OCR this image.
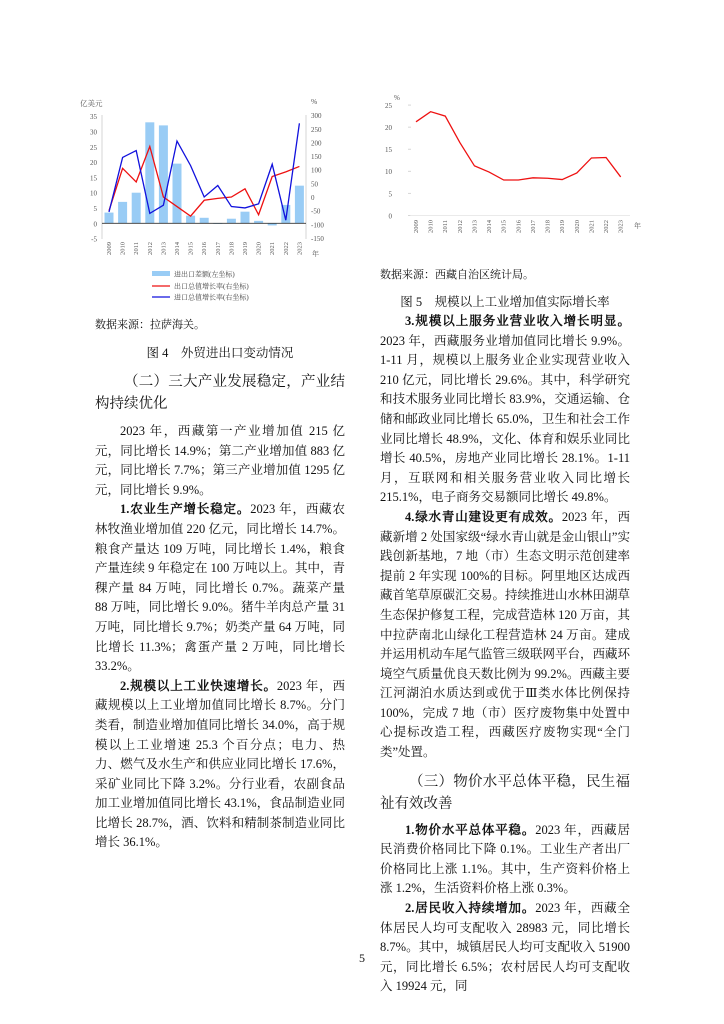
35
30
25
20
15
10
5
0
-5
300
250
200
150
100
50
0
-50
-100
-150
亿美元	%
年
2009 2010 2011 2012 2013 2014 2015 2016 2017 2018 2019 2020 2021 2022 2023
进出口差额(左坐标)
出口总值增长率(右坐标)
进口总值增长率(右坐标)
25
20
15
10
5
0
%
2009 2010 2011 2012 2013 2014 2015 2016 2017 2018 2019 2020 2021 2022 2023 年
数据来源：拉萨海关。
图 4　外贸进出口变动情况
（二）三大产业发展稳定，产业结构持续优化

2023 年，西藏第一产业增加值 215 亿元，同比增长 14.9%；第二产业增加值 883 亿元，同比增长 7.7%；第三产业增加值 1295 亿元，同比增长 9.9%。

1.农业生产增长稳定。2023 年，西藏农林牧渔业增加值 220 亿元，同比增长 14.7%。粮食产量达 109 万吨，同比增长 1.4%，粮食产量连续 9 年稳定在 100 万吨以上。其中，青稞产量 84 万吨，同比增长 0.7%。蔬菜产量 88 万吨，同比增长 9.0%。猪牛羊肉总产量 31 万吨，同比增长 9.7%；奶类产量 64 万吨，同比增长 11.3%；禽蛋产量 2 万吨，同比增长 33.2%。

2.规模以上工业快速增长。2023 年，西藏规模以上工业增加值同比增长 8.7%。分门类看，制造业增加值同比增长 34.0%，高于规模以上工业增速 25.3 个百分点；电力、热力、燃气及水生产和供应业同比增长 17.6%，采矿业同比下降 3.2%。分行业看，农副食品加工业增加值同比增长 43.1%，食品制造业同比增长 28.7%，酒、饮料和精制茶制造业同比增长 36.1%。

数据来源：西藏自治区统计局。
图 5　规模以上工业增加值实际增长率

3.规模以上服务业营业收入增长明显。2023 年，西藏服务业增加值同比增长 9.9%。1-11 月，规模以上服务业企业实现营业收入 210 亿元，同比增长 29.6%。其中，科学研究和技术服务业同比增长 83.9%，交通运输、仓储和邮政业同比增长 65.0%，卫生和社会工作业同比增长 48.9%，文化、体育和娱乐业同比增长 40.5%，房地产业同比增长 28.1%。1-11 月，互联网和相关服务营业收入同比增长 215.1%，电子商务交易额同比增长 49.8%。

4.绿水青山建设更有成效。2023 年，西藏新增 2 处国家级“绿水青山就是金山银山”实践创新基地，7 地（市）生态文明示范创建率提前 2 年实现 100%的目标。阿里地区达成西藏首笔草原碳汇交易。持续推进山水林田湖草生态保护修复工程，完成营造林 120 万亩，其中拉萨南北山绿化工程营造林 24 万亩。建成并运用机动车尾气监管三级联网平台，西藏环境空气质量优良天数比例为 99.2%。西藏主要江河湖泊水质达到或优于Ⅲ类水体比例保持 100%，完成 7 地（市）医疗废物集中处置中心提标改造工程，西藏医疗废物实现“全门类”处置。

（三）物价水平总体平稳，民生福祉有效改善

1.物价水平总体平稳。2023 年，西藏居民消费价格同比下降 0.1%。工业生产者出厂价格同比上涨 1.1%。其中，生产资料价格上涨 1.2%，生活资料价格上涨 0.3%。

2.居民收入持续增加。2023 年，西藏全体居民人均可支配收入 28983 元，同比增长 8.7%。其中，城镇居民人均可支配收入 51900 元，同比增长 6.5%；农村居民人均可支配收入 19924 元，同

5
